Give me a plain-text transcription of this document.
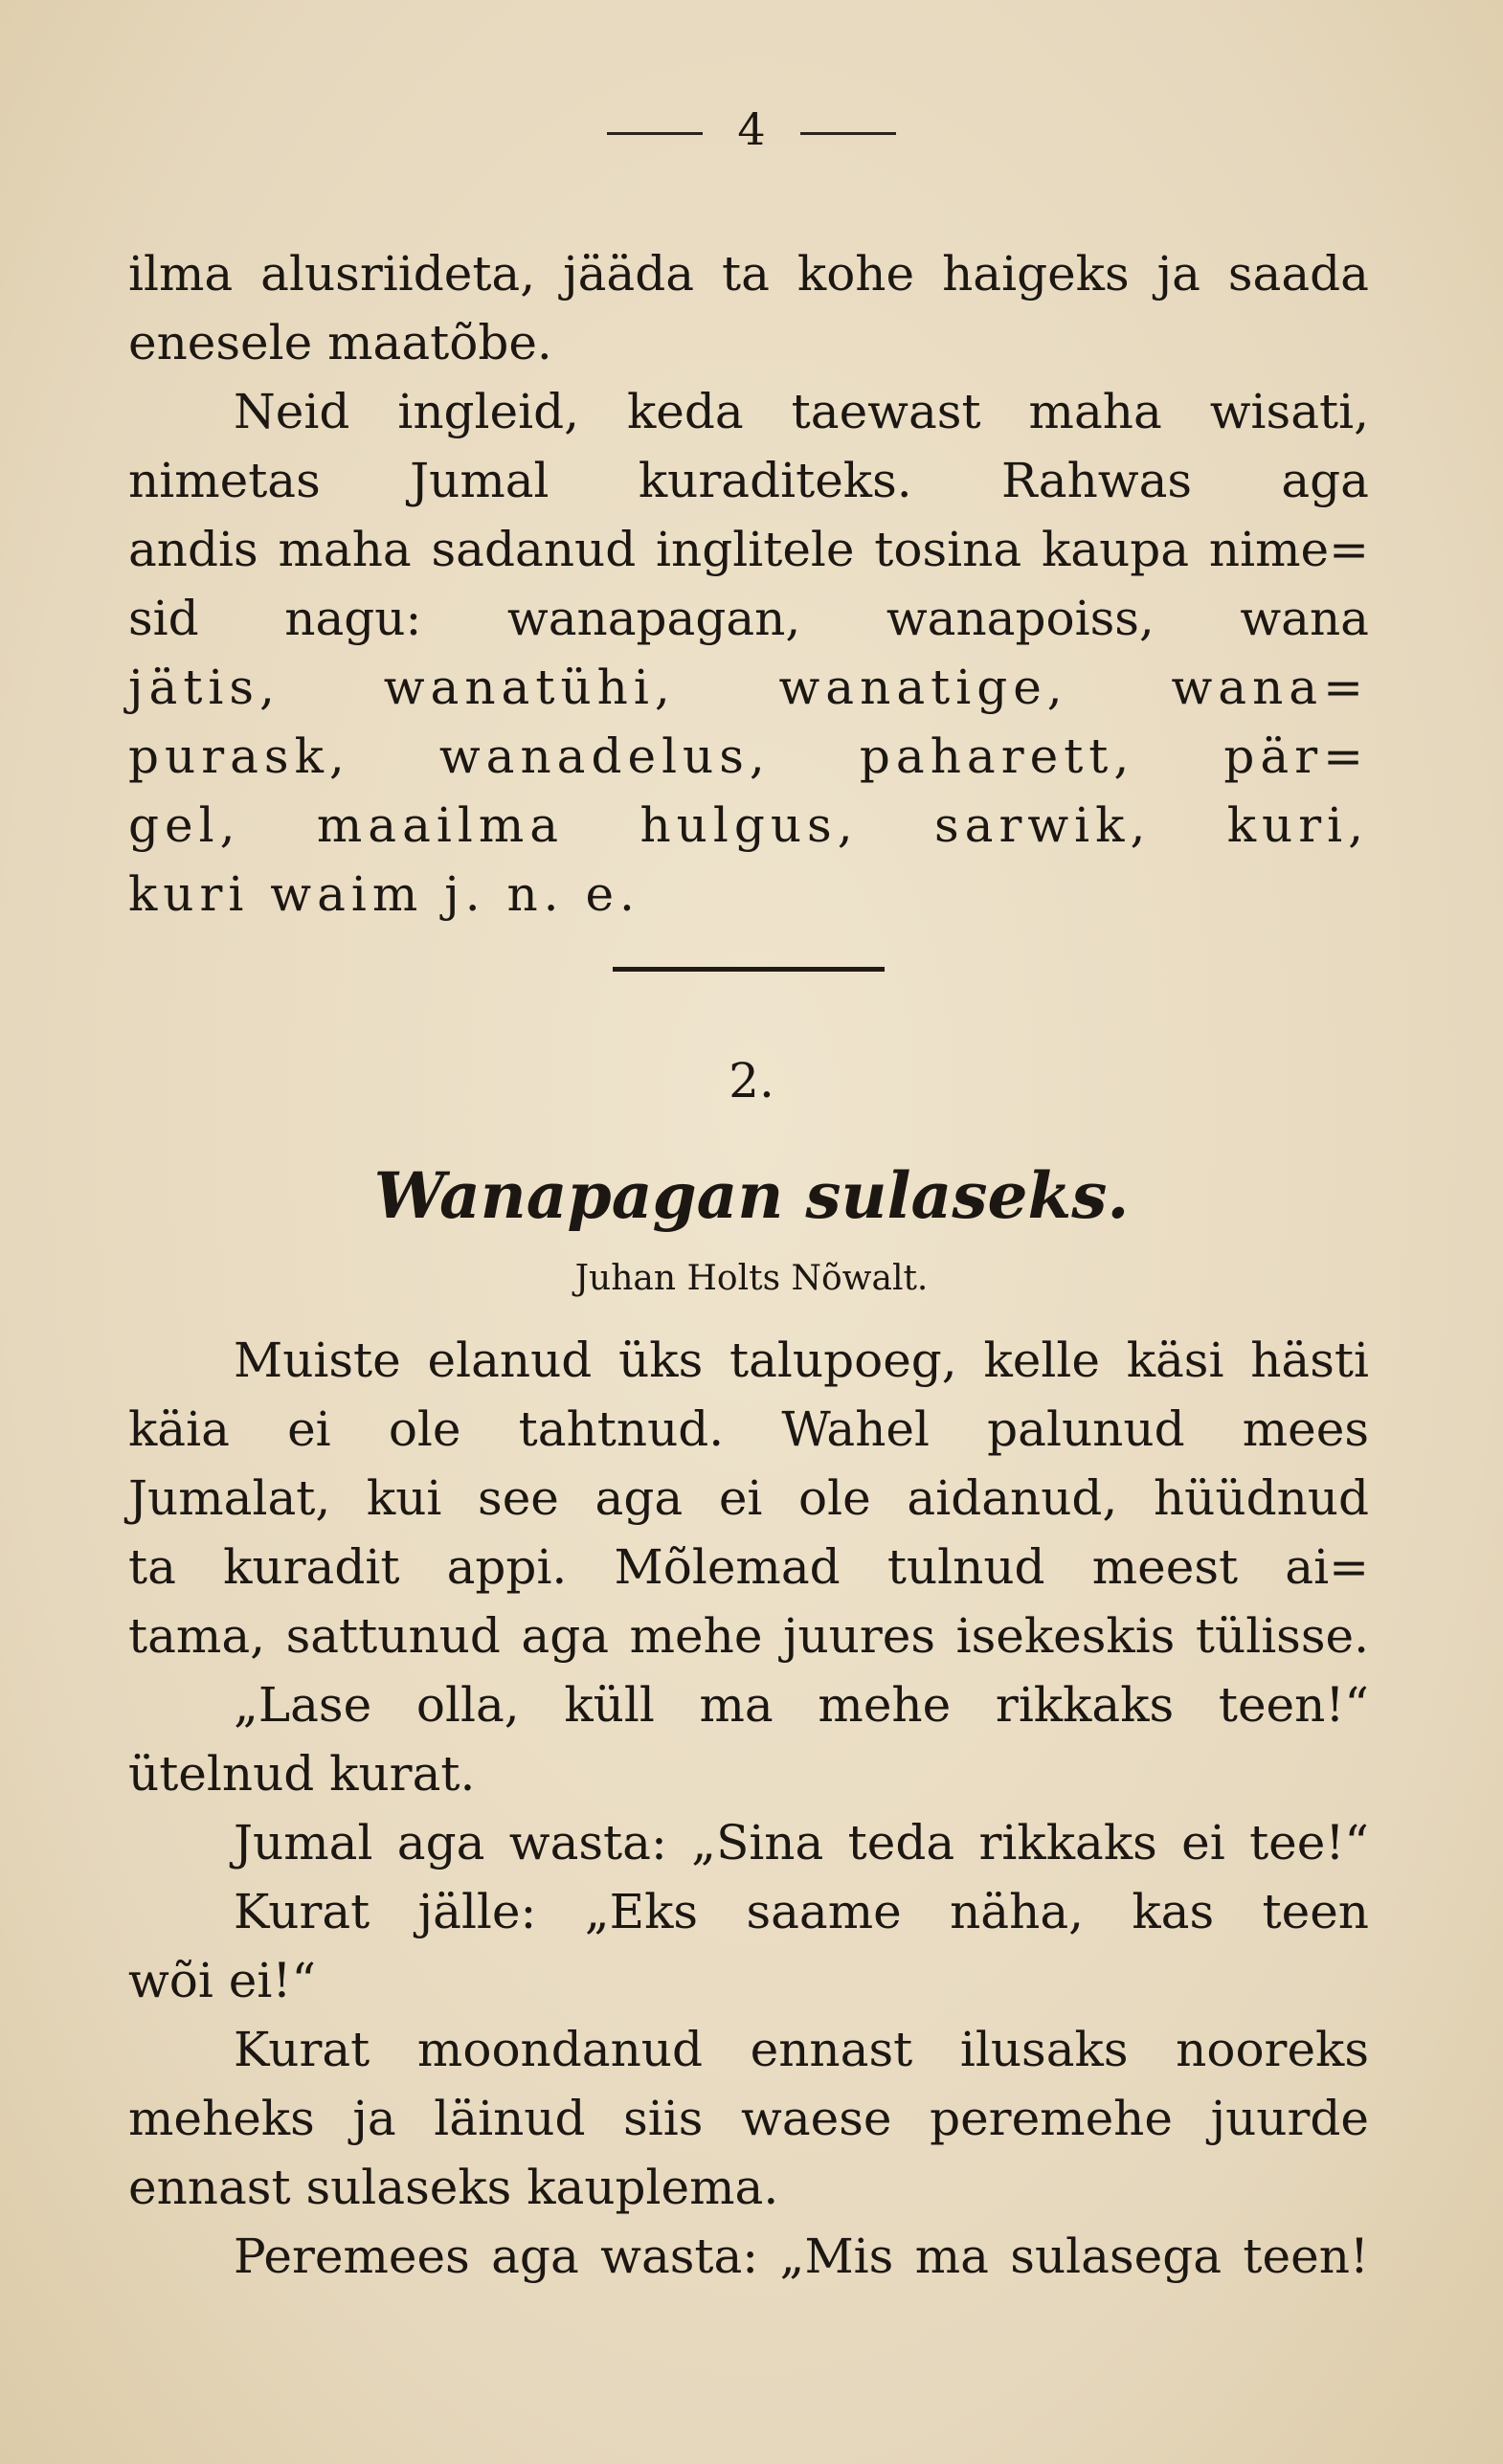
4
ilma alusriideta, jääda ta kohe haigeks ja saada
enesele maatõbe.
Neid ingleid, keda taewast maha wisati,
nimetas Jumal kuraditeks. Rahwas aga
andis maha sadanud inglitele tosina kaupa nime=
sid nagu: wanapagan, wanapoiss, wana
jätis, wanatühi, wanatige, wana=
purask, wanadelus, paharett, pär=
gel, maailma hulgus, sarwik, kuri,
kuri waim j. n. e.
2.
Wanapagan sulaseks.
Juhan Holts Nõwalt.
Muiste elanud üks talupoeg, kelle käsi hästi
käia ei ole tahtnud. Wahel palunud mees
Jumalat, kui see aga ei ole aidanud, hüüdnud
ta kuradit appi. Mõlemad tulnud meest ai=
tama, sattunud aga mehe juures isekeskis tülisse.
„Lase olla, küll ma mehe rikkaks teen!“
ütelnud kurat.
Jumal aga wasta: „Sina teda rikkaks ei tee!“
Kurat jälle: „Eks saame näha, kas teen
wõi ei!“
Kurat moondanud ennast ilusaks nooreks
meheks ja läinud siis waese peremehe juurde
ennast sulaseks kauplema.
Peremees aga wasta: „Mis ma sulasega teen!
